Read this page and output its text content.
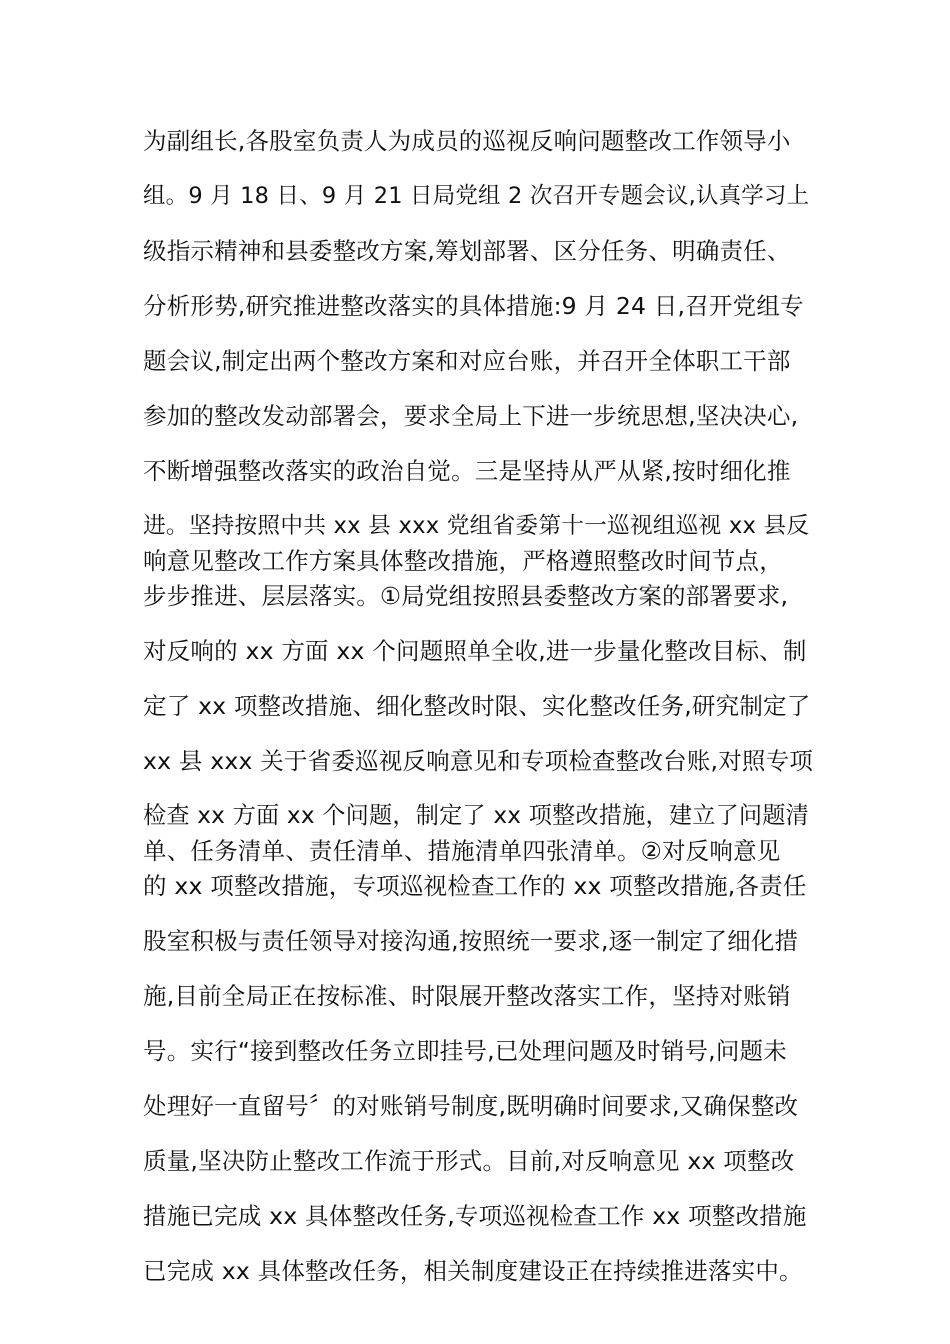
为副组长,各股室负责人为成员的巡视反响问题整改工作领导小
组。9 月 18 日、9 月 21 日局党组 2 次召开专题会议,认真学习上
级指示精神和县委整改方案,筹划部署、区分任务、明确责任、
分析形势,研究推进整改落实的具体措施:9 月 24 日,召开党组专
题会议,制定出两个整改方案和对应台账，并召开全体职工干部
参加的整改发动部署会，要求全局上下进一步统思想,坚决决心,
不断增强整改落实的政治自觉。三是坚持从严从紧,按时细化推
进。坚持按照中共 xx 县 xxx 党组省委第十一巡视组巡视 xx 县反
响意见整改工作方案具体整改措施，严格遵照整改时间节点，
步步推进、层层落实。①局党组按照县委整改方案的部署要求,
对反响的 xx 方面 xx 个问题照单全收,进一步量化整改目标、制
定了 xx 项整改措施、细化整改时限、实化整改任务,研究制定了
xx 县 xxx 关于省委巡视反响意见和专项检查整改台账,对照专项
检查 xx 方面 xx 个问题，制定了 xx 项整改措施，建立了问题清
单、任务清单、责任清单、措施清单四张清单。②对反响意见
的 xx 项整改措施，专项巡视检查工作的 xx 项整改措施,各责任
股室积极与责任领导对接沟通,按照统一要求,逐一制定了细化措
施,目前全局正在按标准、时限展开整改落实工作，坚持对账销
号。实行“接到整改任务立即挂号,已处理问题及时销号,问题未
处理好一直留号〞的对账销号制度,既明确时间要求,又确保整改
质量,坚决防止整改工作流于形式。目前,对反响意见 xx 项整改
措施已完成 xx 具体整改任务,专项巡视检查工作 xx 项整改措施
已完成 xx 具体整改任务，相关制度建设正在持续推进落实中。
